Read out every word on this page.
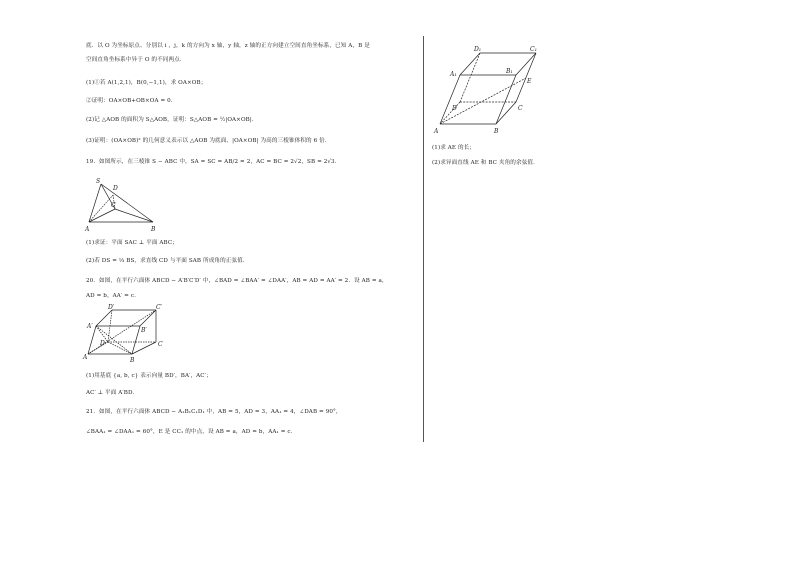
底．以 O 为坐标原点、分别以 i ，j，k 的方向为 x 轴，y 轴，z 轴的正方向建立空间直角坐标系，已知 A，B 是
空间直角坐标系中异于 O 的不同两点．
(1)①若 A(1,2,1)，B(0,−1,1)，求 OA×OB；
②证明：OA×OB+OB×OA = 0．
(2)记 △AOB 的面积为 S△AOB，证明：S△AOB = ½|OA×OB|．
(3)证明：(OA×OB)² 的几何意义表示以 △AOB 为底面、|OA×OB| 为高的三棱锥体积的 6 倍．
19．如图所示，在三棱锥 S − ABC 中，SA = SC = AB/2 = 2，AC = BC = 2√2，SB = 2√3．
S
D
C
A	B
(1)求证：平面 SAC ⊥ 平面 ABC；
(2)若 DS = ⅓ BS，求直线 CD 与平面 SAB 所成角的正弦值．
20．如图，在平行六面体 ABCD − A′B′C′D′ 中，∠BAD = ∠BAA′ = ∠DAA′，AB = AD = AA′ = 2．设 AB = a，
AD = b，AA′ = c．
D′	C′
A′
B′
D	C
A	B
(1)用基底 {a, b, c} 表示向量 BD′，BA′，AC′；
AC′ ⊥ 平面 A′BD．
21．如图，在平行六面体 ABCD − A₁B₁C₁D₁ 中，AB = 5，AD = 3，AA₁ = 4，∠DAB = 90°，
∠BAA₁ = ∠DAA₁ = 60°，E 是 CC₁ 的中点，设 AB = a，AD = b，AA₁ = c．
D₁	C₁
A₁	B₁
E
D	C
A	B
(1)求 AE 的长；
(2)求异面直线 AE 和 BC 夹角的余弦值．
